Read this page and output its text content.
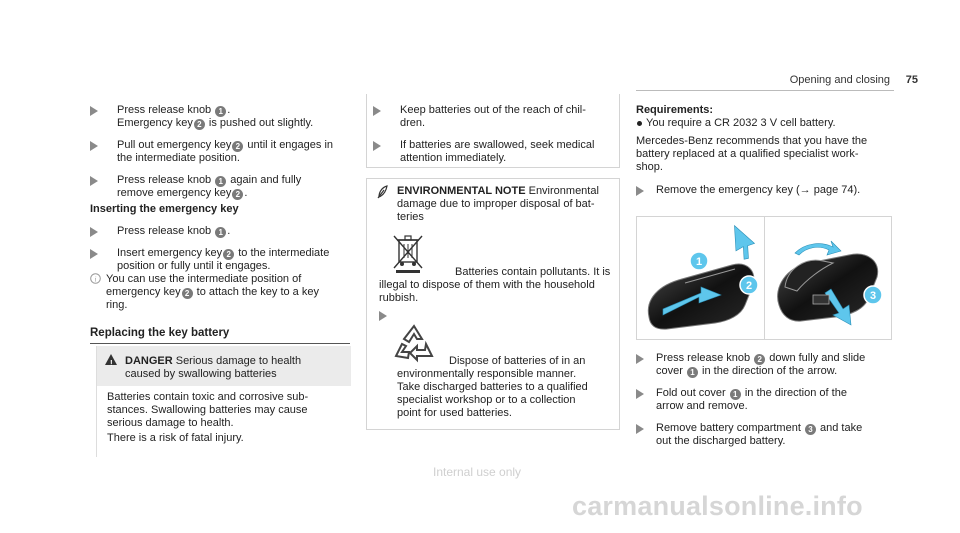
Opening and closing 75
Press release knob 1 .
Emergency key 2 is pushed out slightly.
Pull out emergency key 2 until it engages in
the intermediate position.
Press release knob 1 again and fully
remove emergency key 2 .
Inserting the emergency key
Press release knob 1 .
Insert emergency key 2 to the intermediate
position or fully until it engages.
i You can use the intermediate position of
emergency key 2 to attach the key to a key
ring.
Replacing the key battery
! DANGER Serious damage to health
caused by swallowing batteries
Batteries contain toxic and corrosive sub-
stances. Swallowing batteries may cause
serious damage to health.
There is a risk of fatal injury.
Keep batteries out of the reach of chil-
dren.
If batteries are swallowed, seek medical
attention immediately.
ENVIRONMENTAL NOTE Environmental
damage due to improper disposal of bat-
teries
Batteries contain pollutants. It is
illegal to dispose of them with the household
rubbish.
Dispose of batteries of in an
environmentally responsible manner.
Take discharged batteries to a qualified
specialist workshop or to a collection
point for used batteries.
Requirements:
You require a CR 2032 3 V cell battery.
Mercedes-Benz recommends that you have the
battery replaced at a qualified specialist work-
shop.
Remove the emergency key (→ page 74).
1
2
3
Press release knob 2 down fully and slide
cover 1 in the direction of the arrow.
Fold out cover 1 in the direction of the
arrow and remove.
Remove battery compartment 3 and take
out the discharged battery.
Internal use only
carmanualsonline.info
